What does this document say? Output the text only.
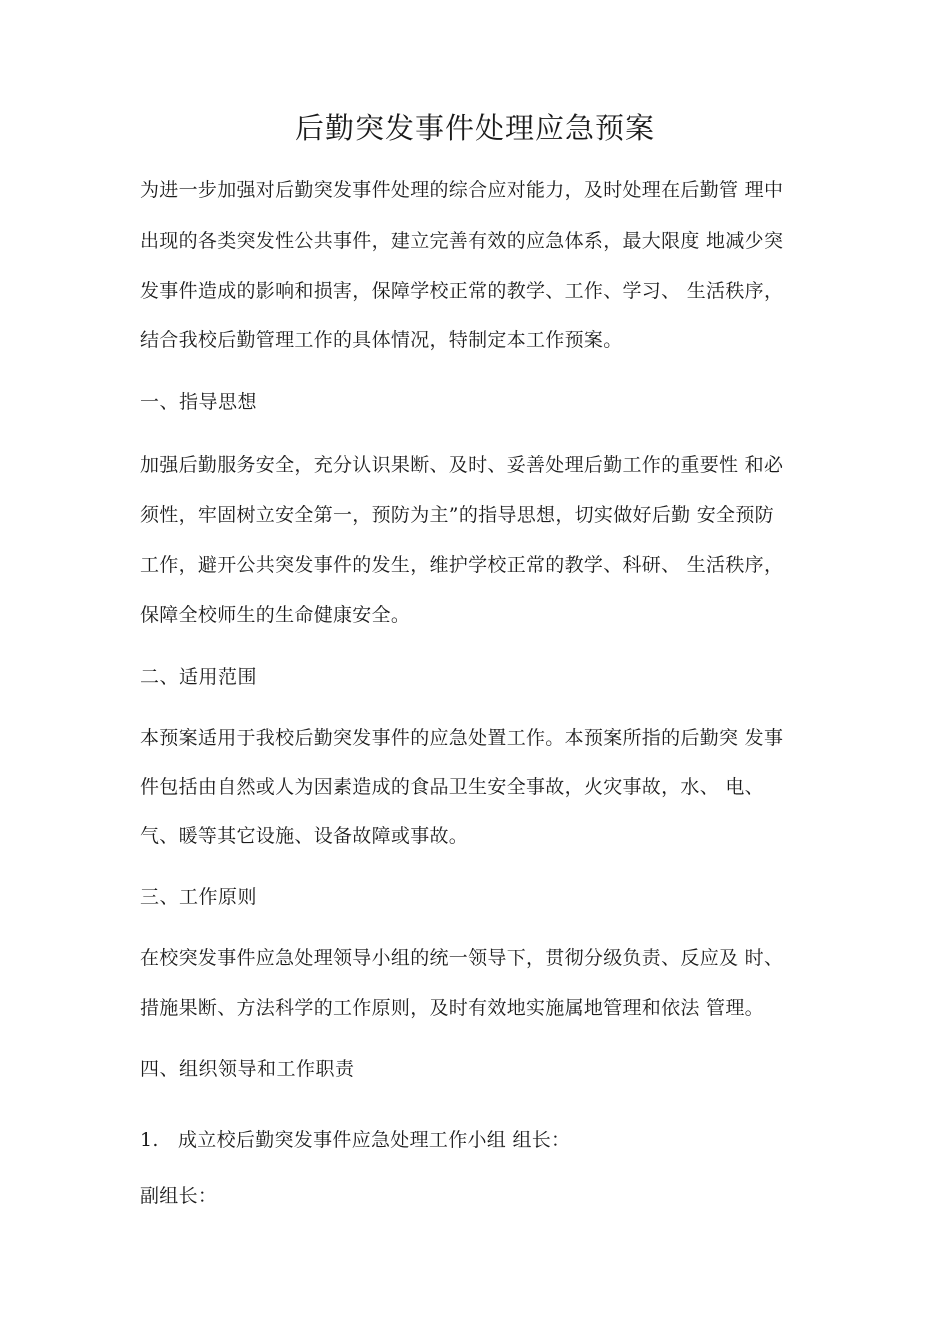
后勤突发事件处理应急预案
为进一步加强对后勤突发事件处理的综合应对能力，及时处理在后勤管 理中
出现的各类突发性公共事件，建立完善有效的应急体系，最大限度 地减少突
发事件造成的影响和损害，保障学校正常的教学、工作、学习、 生活秩序，
结合我校后勤管理工作的具体情况，特制定本工作预案。
一、指导思想
加强后勤服务安全，充分认识果断、及时、妥善处理后勤工作的重要性 和必
须性，牢固树立安全第一，预防为主”的指导思想，切实做好后勤 安全预防
工作，避开公共突发事件的发生，维护学校正常的教学、科研、 生活秩序，
保障全校师生的生命健康安全。
二、适用范围
本预案适用于我校后勤突发事件的应急处置工作。本预案所指的后勤突 发事
件包括由自然或人为因素造成的食品卫生安全事故，火灾事故，水、 电、
气、暖等其它设施、设备故障或事故。
三、工作原则
在校突发事件应急处理领导小组的统一领导下，贯彻分级负责、反应及 时、
措施果断、方法科学的工作原则，及时有效地实施属地管理和依法 管理。
四、组织领导和工作职责
1. 成立校后勤突发事件应急处理工作小组 组长：
副组长：
